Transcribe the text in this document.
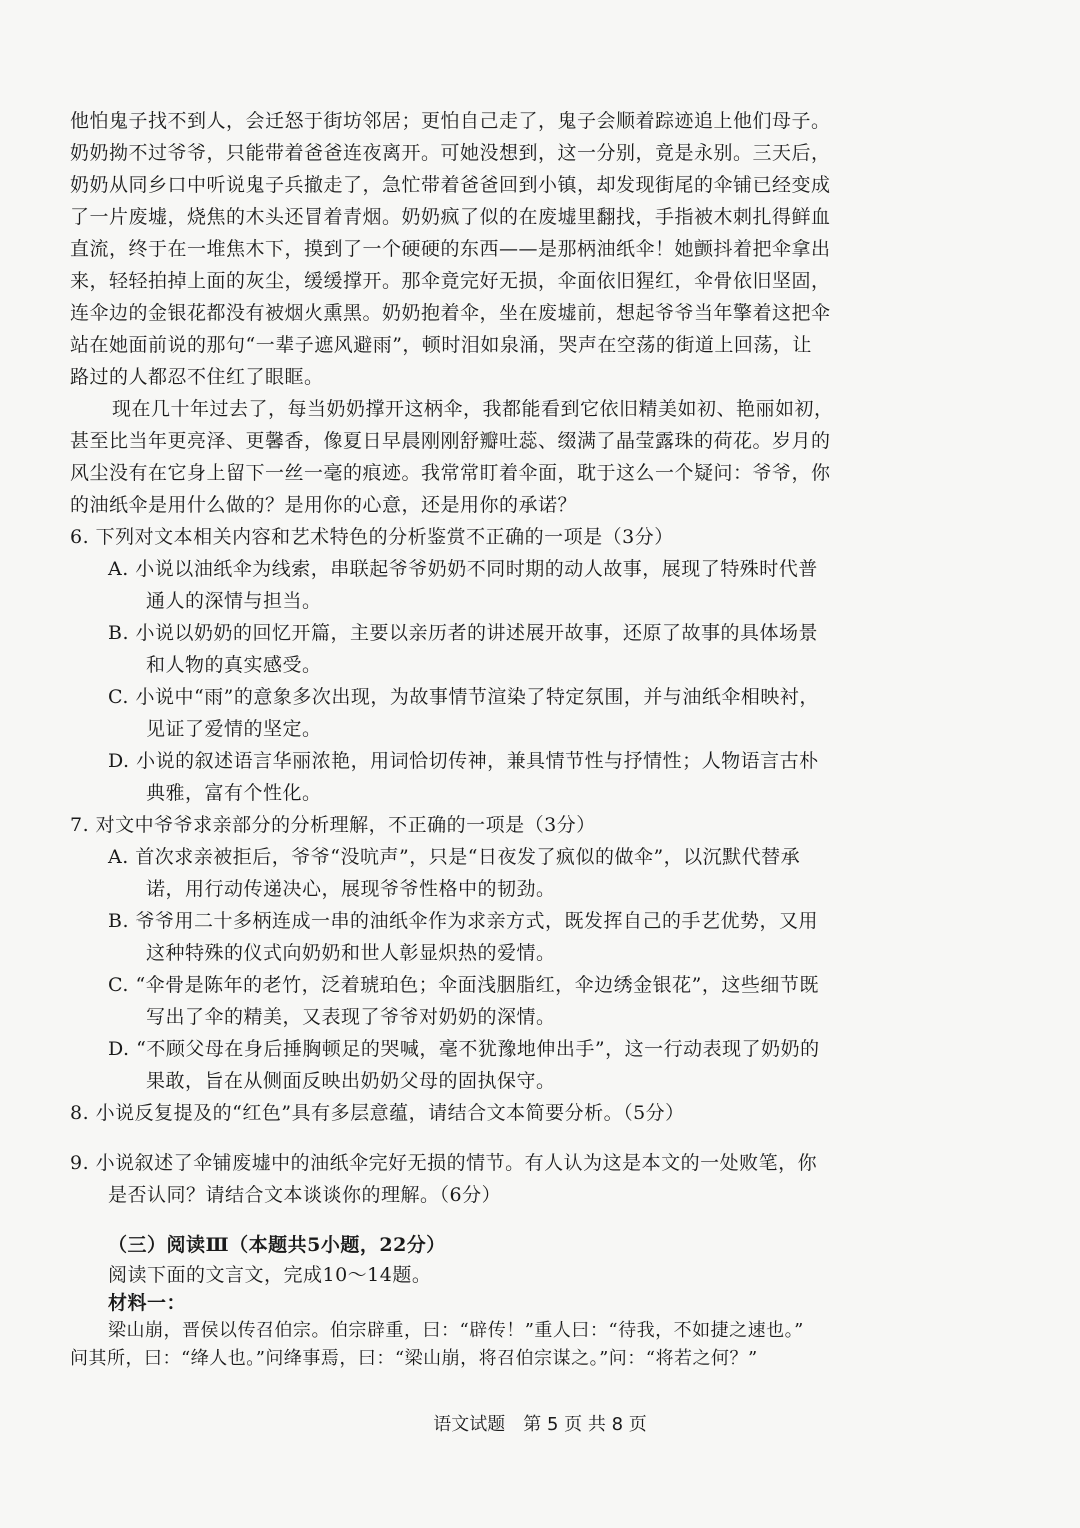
他怕鬼子找不到人，会迁怒于街坊邻居；更怕自己走了，鬼子会顺着踪迹追上他们母子。
奶奶拗不过爷爷，只能带着爸爸连夜离开。可她没想到，这一分别，竟是永别。三天后，
奶奶从同乡口中听说鬼子兵撤走了，急忙带着爸爸回到小镇，却发现街尾的伞铺已经变成
了一片废墟，烧焦的木头还冒着青烟。奶奶疯了似的在废墟里翻找，手指被木刺扎得鲜血
直流，终于在一堆焦木下，摸到了一个硬硬的东西——是那柄油纸伞！她颤抖着把伞拿出
来，轻轻拍掉上面的灰尘，缓缓撑开。那伞竟完好无损，伞面依旧猩红，伞骨依旧坚固，
连伞边的金银花都没有被烟火熏黑。奶奶抱着伞，坐在废墟前，想起爷爷当年擎着这把伞
站在她面前说的那句“一辈子遮风避雨”，顿时泪如泉涌，哭声在空荡的街道上回荡，让
路过的人都忍不住红了眼眶。
现在几十年过去了，每当奶奶撑开这柄伞，我都能看到它依旧精美如初、艳丽如初，
甚至比当年更亮泽、更馨香，像夏日早晨刚刚舒瓣吐蕊、缀满了晶莹露珠的荷花。岁月的
风尘没有在它身上留下一丝一毫的痕迹。我常常盯着伞面，耽于这么一个疑问：爷爷，你
的油纸伞是用什么做的？是用你的心意，还是用你的承诺？
6. 下列对文本相关内容和艺术特色的分析鉴赏不正确的一项是（3分）
A. 小说以油纸伞为线索，串联起爷爷奶奶不同时期的动人故事，展现了特殊时代普
通人的深情与担当。
B. 小说以奶奶的回忆开篇，主要以亲历者的讲述展开故事，还原了故事的具体场景
和人物的真实感受。
C. 小说中“雨”的意象多次出现，为故事情节渲染了特定氛围，并与油纸伞相映衬，
见证了爱情的坚定。
D. 小说的叙述语言华丽浓艳，用词恰切传神，兼具情节性与抒情性；人物语言古朴
典雅，富有个性化。
7. 对文中爷爷求亲部分的分析理解，不正确的一项是（3分）
A. 首次求亲被拒后，爷爷“没吭声”，只是“日夜发了疯似的做伞”，以沉默代替承
诺，用行动传递决心，展现爷爷性格中的韧劲。
B. 爷爷用二十多柄连成一串的油纸伞作为求亲方式，既发挥自己的手艺优势，又用
这种特殊的仪式向奶奶和世人彰显炽热的爱情。
C. “伞骨是陈年的老竹，泛着琥珀色；伞面浅胭脂红，伞边绣金银花”，这些细节既
写出了伞的精美，又表现了爷爷对奶奶的深情。
D. “不顾父母在身后捶胸顿足的哭喊，毫不犹豫地伸出手”，这一行动表现了奶奶的
果敢，旨在从侧面反映出奶奶父母的固执保守。
8. 小说反复提及的“红色”具有多层意蕴，请结合文本简要分析。（5分）
9. 小说叙述了伞铺废墟中的油纸伞完好无损的情节。有人认为这是本文的一处败笔，你
是否认同？请结合文本谈谈你的理解。（6分）
（三）阅读Ⅲ（本题共5小题，22分）
阅读下面的文言文，完成10～14题。
材料一：
梁山崩，晋侯以传召伯宗。伯宗辟重，曰：“辟传！”重人曰：“待我，不如捷之速也。”
问其所，曰：“绛人也。”问绛事焉，曰：“梁山崩，将召伯宗谋之。”问：“将若之何？”
语文试题　第 5 页 共 8 页
